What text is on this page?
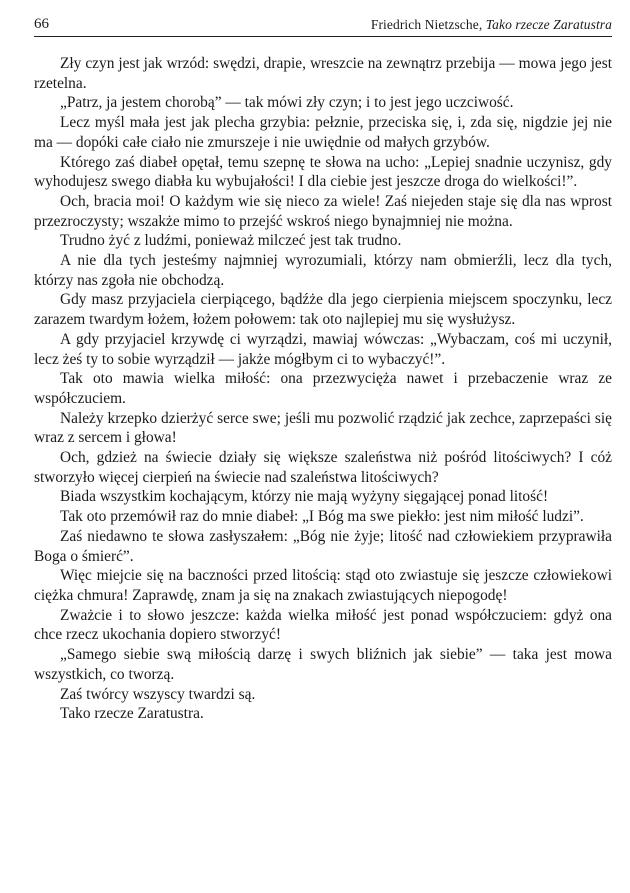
66	Friedrich Nietzsche, Tako rzecze Zaratustra

Zły czyn jest jak wrzód: swędzi, drapie, wreszcie na zewnątrz przebija — mowa jego jest rzetelna.

„Patrz, ja jestem chorobą” — tak mówi zły czyn; i to jest jego uczciwość.

Lecz myśl mała jest jak plecha grzybia: pełznie, przeciska się, i, zda się, nigdzie jej nie ma — dopóki całe ciało nie zmurszeje i nie uwiędnie od małych grzybów.

Którego zaś diabeł opętał, temu szepnę te słowa na ucho: „Lepiej snadnie uczynisz, gdy wyhodujesz swego diabła ku wybujałości! I dla ciebie jest jeszcze droga do wielkości!”.

Och, bracia moi! O każdym wie się nieco za wiele! Zaś niejeden staje się dla nas wprost przezroczysty; wszakże mimo to przejść wskroś niego bynajmniej nie można.

Trudno żyć z ludźmi, ponieważ milczeć jest tak trudno.

A nie dla tych jesteśmy najmniej wyrozumiali, którzy nam obmierźli, lecz dla tych, którzy nas zgoła nie obchodzą.

Gdy masz przyjaciela cierpiącego, bądźże dla jego cierpienia miejscem spoczynku, lecz zarazem twardym łożem, łożem połowem: tak oto najlepiej mu się wysłużysz.

A gdy przyjaciel krzywdę ci wyrządzi, mawiaj wówczas: „Wybaczam, coś mi uczynił, lecz żeś ty to sobie wyrządził — jakże mógłbym ci to wybaczyć!”.

Tak oto mawia wielka miłość: ona przezwycięża nawet i przebaczenie wraz ze współczuciem.

Należy krzepko dzierżyć serce swe; jeśli mu pozwolić rządzić jak zechce, zaprzepaści się wraz z sercem i głowa!

Och, gdzież na świecie działy się większe szaleństwa niż pośród litościwych? I cóż stworzyło więcej cierpień na świecie nad szaleństwa litościwych?

Biada wszystkim kochającym, którzy nie mają wyżyny sięgającej ponad litość!

Tak oto przemówił raz do mnie diabeł: „I Bóg ma swe piekło: jest nim miłość ludzi”.

Zaś niedawno te słowa zasłyszałem: „Bóg nie żyje; litość nad człowiekiem przyprawiła Boga o śmierć”.

Więc miejcie się na baczności przed litością: stąd oto zwiastuje się jeszcze człowiekowi ciężka chmura! Zaprawdę, znam ja się na znakach zwiastujących niepogodę!

Zważcie i to słowo jeszcze: każda wielka miłość jest ponad współczuciem: gdyż ona chce rzecz ukochania dopiero stworzyć!

„Samego siebie swą miłością darzę i swych bliźnich jak siebie” — taka jest mowa wszystkich, co tworzą.

Zaś twórcy wszyscy twardzi są.

Tako rzecze Zaratustra.
